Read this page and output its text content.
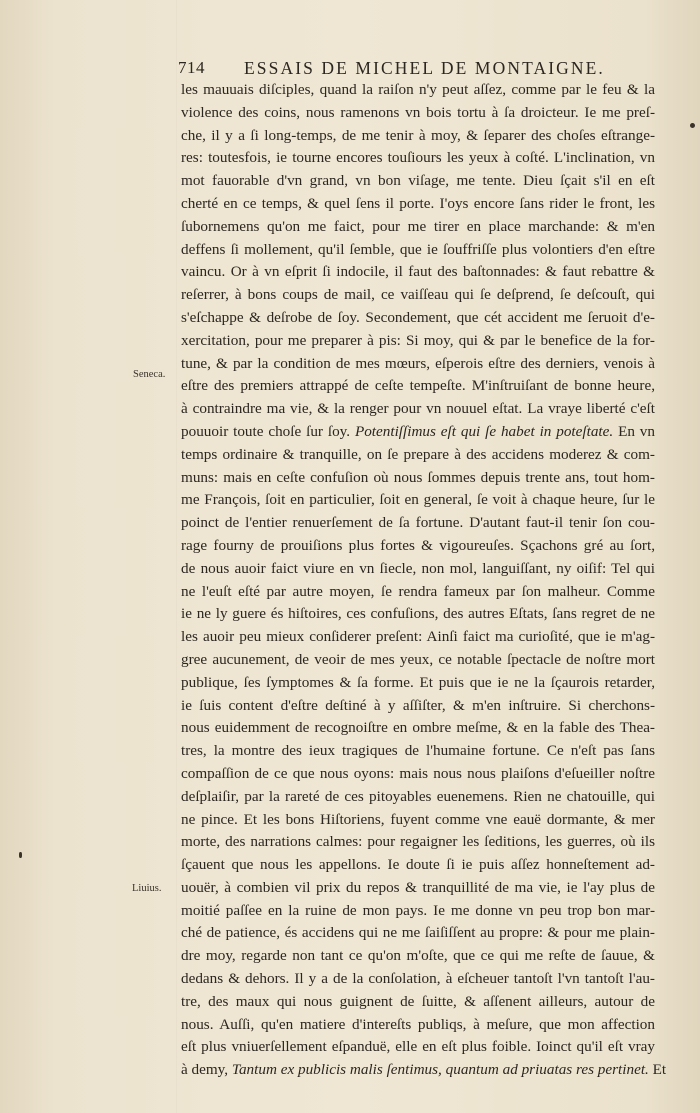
714 ESSAIS DE MICHEL DE MONTAIGNE.
les mauuais diſciples, quand la raiſon n'y peut aſſez, comme par le feu & la
violence des coins, nous ramenons vn bois tortu à ſa droicteur. Ie me preſ-
che, il y a ſi long-temps, de me tenir à moy, & ſeparer des choſes eſtrange-
res: toutesfois, ie tourne encores touſiours les yeux à coſté. L'inclination, vn
mot fauorable d'vn grand, vn bon viſage, me tente. Dieu ſçait s'il en eſt
cherté en ce temps, & quel ſens il porte. I'oys encore ſans rider le front, les
ſubornemens qu'on me faict, pour me tirer en place marchande: & m'en
deffens ſi mollement, qu'il ſemble, que ie ſouffriſſe plus volontiers d'en eſtre
vaincu. Or à vn eſprit ſi indocile, il faut des baſtonnades: & faut rebattre &
reſerrer, à bons coups de mail, ce vaiſſeau qui ſe deſprend, ſe deſcouſt, qui
s'eſchappe & deſrobe de ſoy. Secondement, que cét accident me ſeruoit d'e-
xercitation, pour me preparer à pis: Si moy, qui & par le benefice de la for-
tune, & par la condition de mes mœurs, eſperois eſtre des derniers, venois à
eſtre des premiers attrappé de ceſte tempeſte. M'inſtruiſant de bonne heure,
à contraindre ma vie, & la renger pour vn nouuel eſtat. La vraye liberté c'eſt
pouuoir toute choſe ſur ſoy. Potentiſſimus eſt qui ſe habet in poteſtate. En vn
temps ordinaire & tranquille, on ſe prepare à des accidens moderez & com-
muns: mais en ceſte confuſion où nous ſommes depuis trente ans, tout hom-
me François, ſoit en particulier, ſoit en general, ſe voit à chaque heure, ſur le
poinct de l'entier renuerſement de ſa fortune. D'autant faut-il tenir ſon cou-
rage fourny de prouiſions plus fortes & vigoureuſes. Sçachons gré au ſort,
de nous auoir faict viure en vn ſiecle, non mol, languiſſant, ny oiſif: Tel qui
ne l'euſt eſté par autre moyen, ſe rendra fameux par ſon malheur. Comme
ie ne ly guere és hiſtoires, ces confuſions, des autres Eſtats, ſans regret de ne
les auoir peu mieux conſiderer preſent: Ainſi faict ma curioſité, que ie m'ag-
gree aucunement, de veoir de mes yeux, ce notable ſpectacle de noſtre mort
publique, ſes ſymptomes & ſa forme. Et puis que ie ne la ſçaurois retarder,
ie ſuis content d'eſtre deſtiné à y aſſiſter, & m'en inſtruire. Si cherchons-
nous euidemment de recognoiſtre en ombre meſme, & en la fable des Thea-
tres, la montre des ieux tragiques de l'humaine fortune. Ce n'eſt pas ſans
compaſſion de ce que nous oyons: mais nous nous plaiſons d'eſueiller noſtre
deſplaiſir, par la rareté de ces pitoyables euenemens. Rien ne chatouille, qui
ne pince. Et les bons Hiſtoriens, fuyent comme vne eauë dormante, & mer
morte, des narrations calmes: pour regaigner les ſeditions, les guerres, où ils
ſçauent que nous les appellons. Ie doute ſi ie puis aſſez honneſtement ad-
uouër, à combien vil prix du repos & tranquillité de ma vie, ie l'ay plus de
moitié paſſee en la ruine de mon pays. Ie me donne vn peu trop bon mar-
ché de patience, és accidens qui ne me ſaiſiſſent au propre: & pour me plain-
dre moy, regarde non tant ce qu'on m'oſte, que ce qui me reſte de ſauue, &
dedans & dehors. Il y a de la conſolation, à eſcheuer tantoſt l'vn tantoſt l'au-
tre, des maux qui nous guignent de ſuitte, & aſſenent ailleurs, autour de
nous. Auſſi, qu'en matiere d'intereſts publiqs, à meſure, que mon affection
eſt plus vniuerſellement eſpanduë, elle en eſt plus foible. Ioinct qu'il eſt vray
à demy, Tantum ex publicis malis ſentimus, quantum ad priuatas res pertinet. Et
Seneca.
Liuius.
